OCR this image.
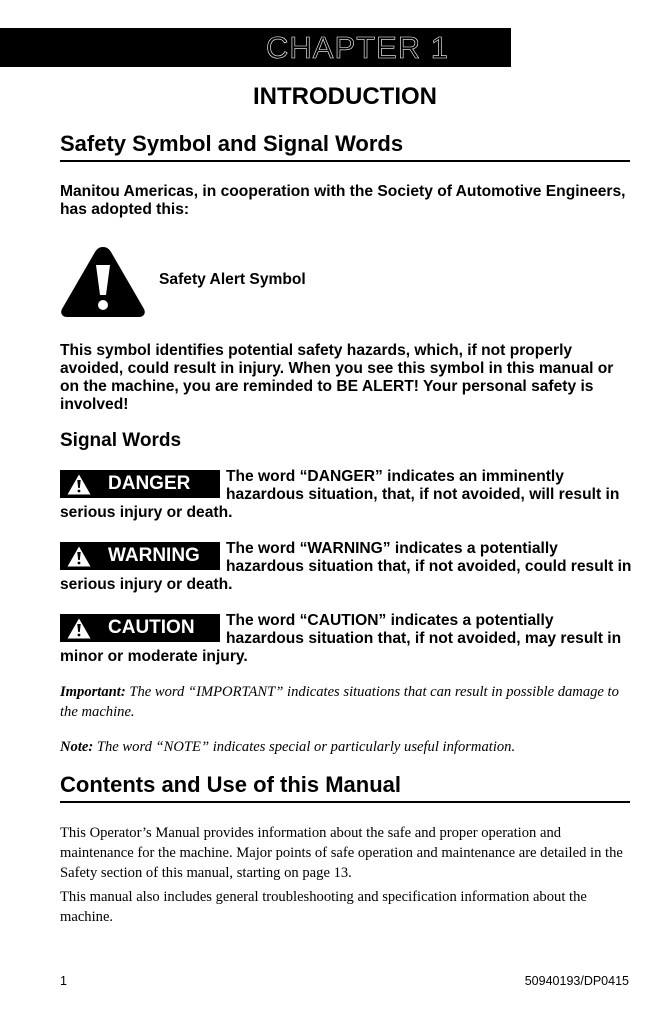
CHAPTER 1
INTRODUCTION
Safety Symbol and Signal Words

Manitou Americas, in cooperation with the Society of Automotive Engineers, has adopted this:

Safety Alert Symbol

This symbol identifies potential safety hazards, which, if not properly avoided, could result in injury. When you see this symbol in this manual or on the machine, you are reminded to BE ALERT! Your personal safety is involved!

Signal Words
DANGER	The word “DANGER” indicates an imminently hazardous situation, that, if not avoided, will result in serious injury or death.

WARNING	The word “WARNING” indicates a potentially hazardous situation that, if not avoided, could result in serious injury or death.

CAUTION	The word “CAUTION” indicates a potentially hazardous situation that, if not avoided, may result in minor or moderate injury.

Important: The word “IMPORTANT” indicates situations that can result in possible damage to the machine.

Note: The word “NOTE” indicates special or particularly useful information.

Contents and Use of this Manual

This Operator’s Manual provides information about the safe and proper operation and maintenance for the machine. Major points of safe operation and maintenance are detailed in the Safety section of this manual, starting on page 13.

This manual also includes general troubleshooting and specification information about the machine.

1	50940193/DP0415
